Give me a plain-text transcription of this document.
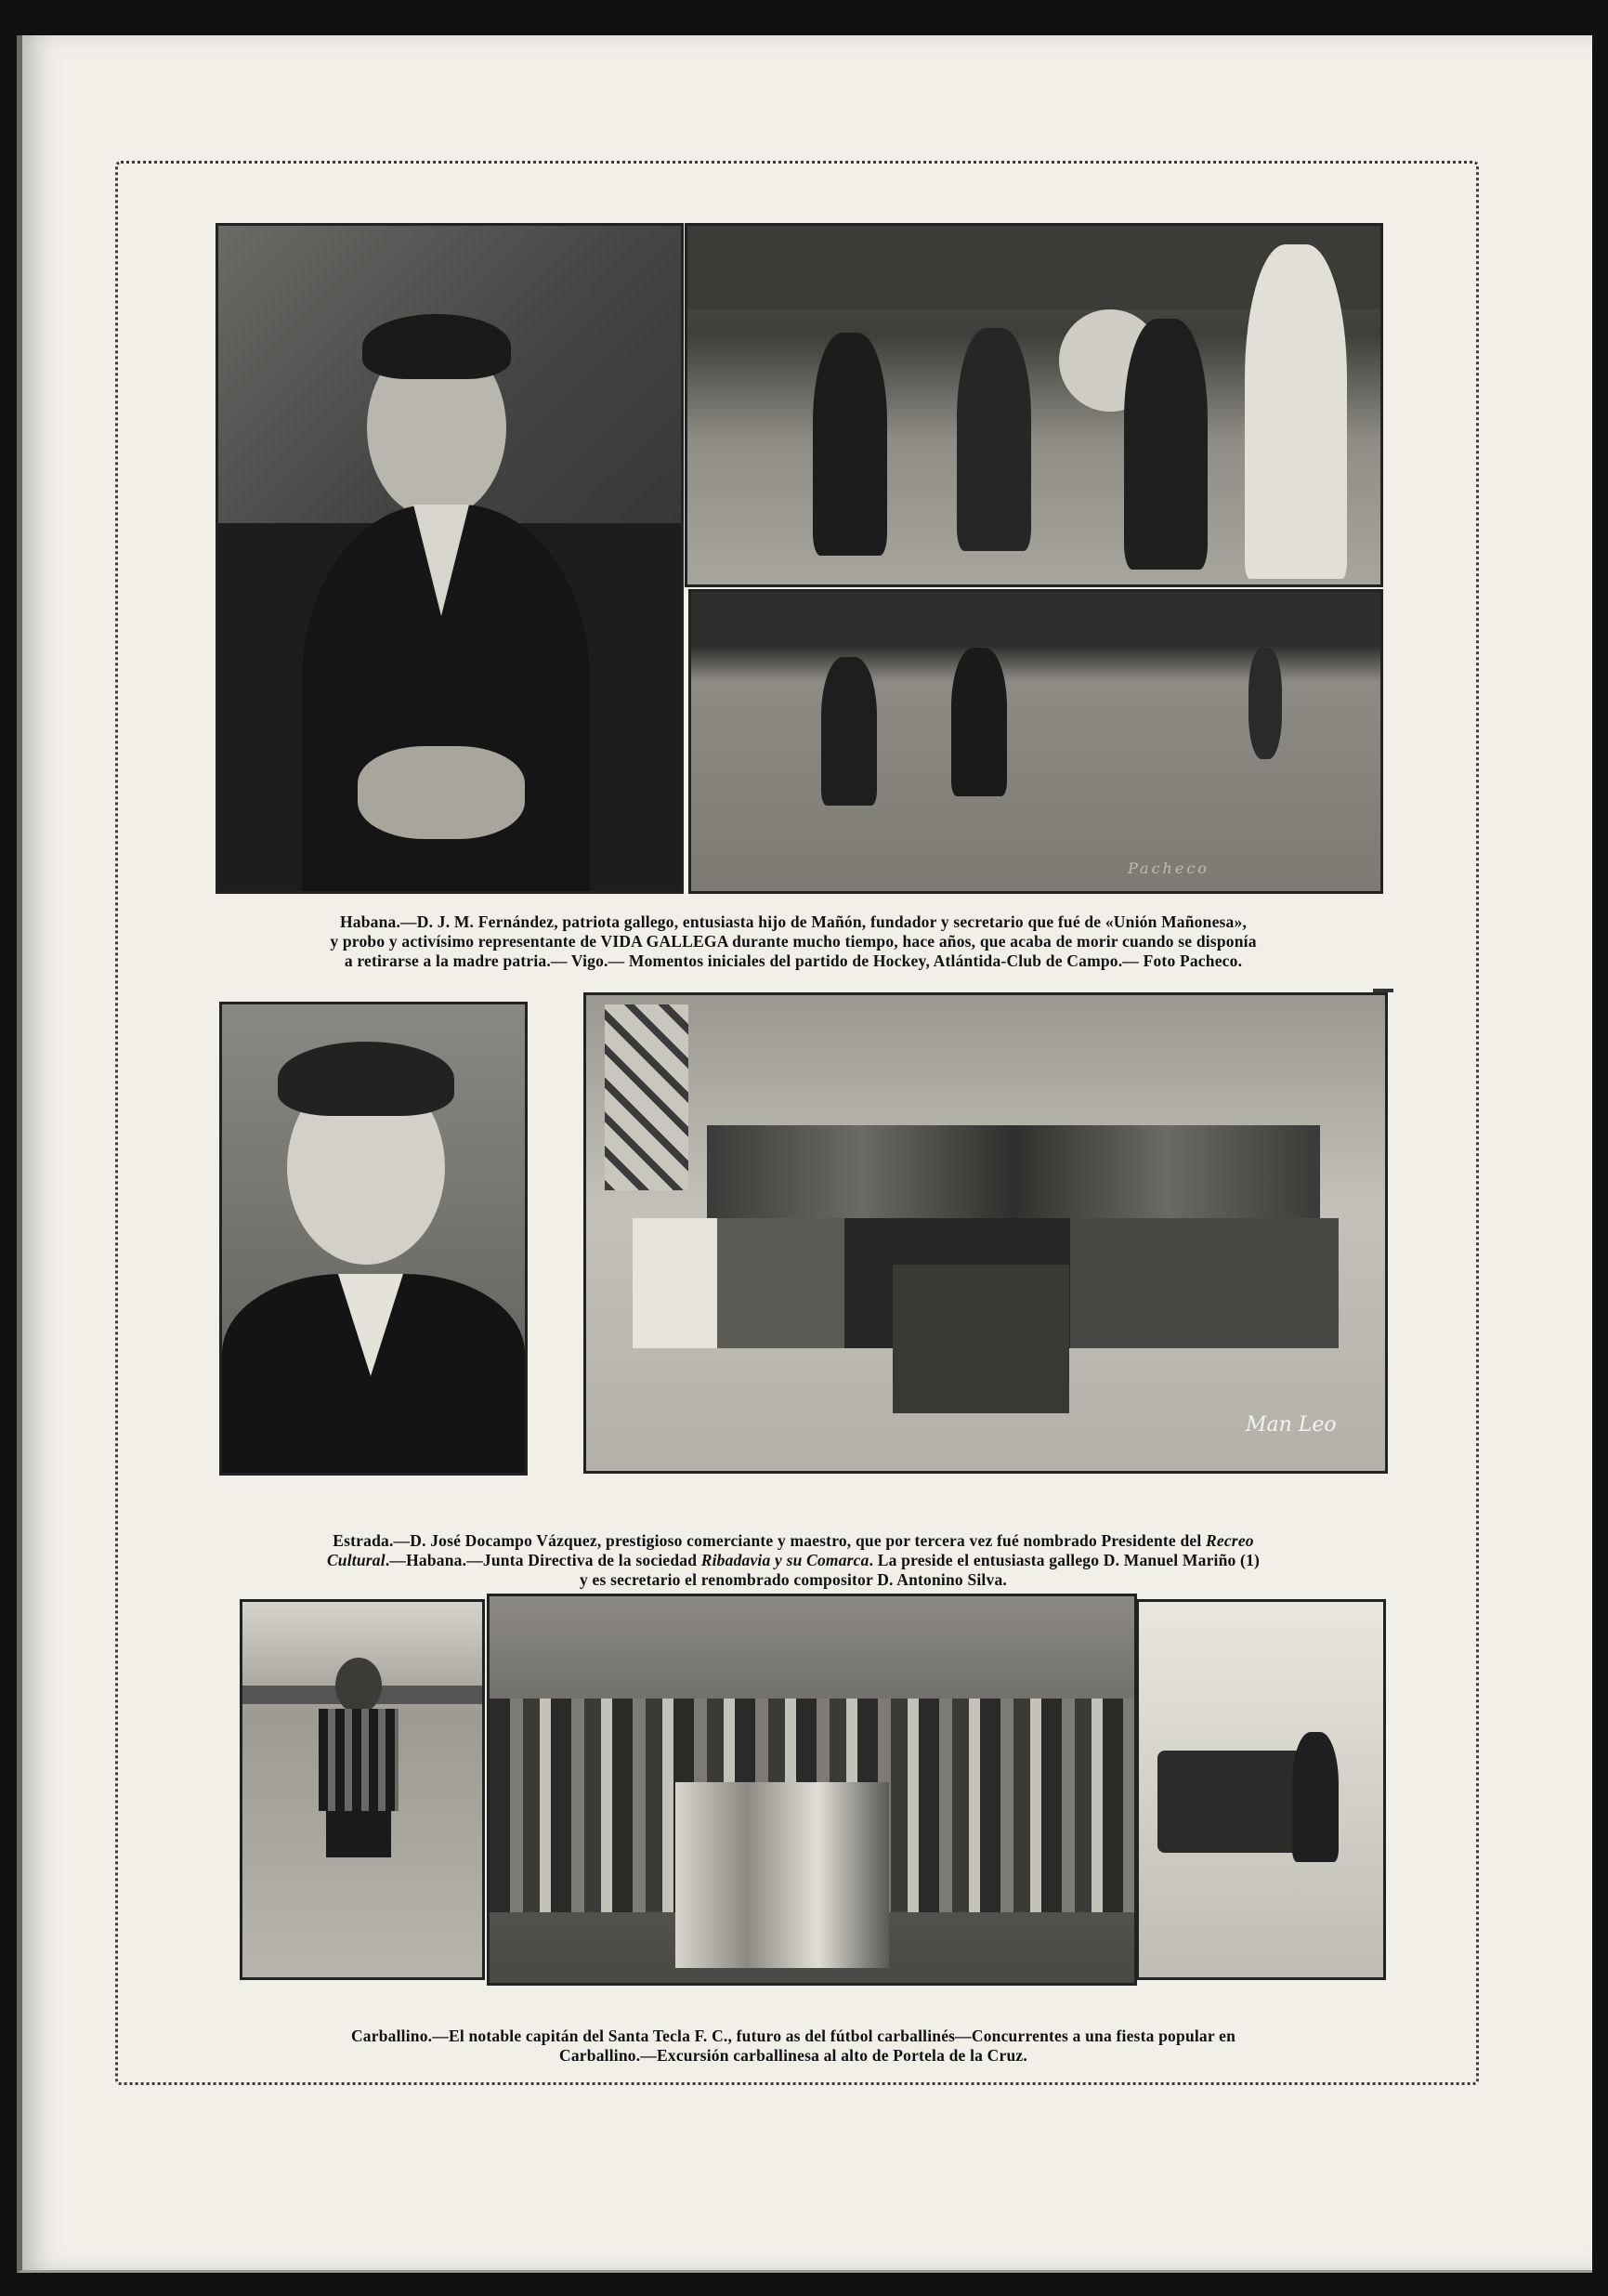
Pacheco

Habana.—D. J. M. Fernández, patriota gallego, entusiasta hijo de Mañón, fundador y secretario que fué de «Unión Mañonesa»,
y probo y activísimo representante de VIDA GALLEGA durante mucho tiempo, hace años, que acaba de morir cuando se disponía
a retirarse a la madre patria.— Vigo.— Momentos iniciales del partido de Hockey, Atlántida-Club de Campo.— Foto Pacheco.

Man Leo

Estrada.—D. José Docampo Vázquez, prestigioso comerciante y maestro, que por tercera vez fué nombrado Presidente del Recreo
Cultural.—Habana.—Junta Directiva de la sociedad Ribadavia y su Comarca. La preside el entusiasta gallego D. Manuel Mariño (1)
y es secretario el renombrado compositor D. Antonino Silva.

Carballino.—El notable capitán del Santa Tecla F. C., futuro as del fútbol carballinés—Concurrentes a una fiesta popular en
Carballino.—Excursión carballinesa al alto de Portela de la Cruz.
